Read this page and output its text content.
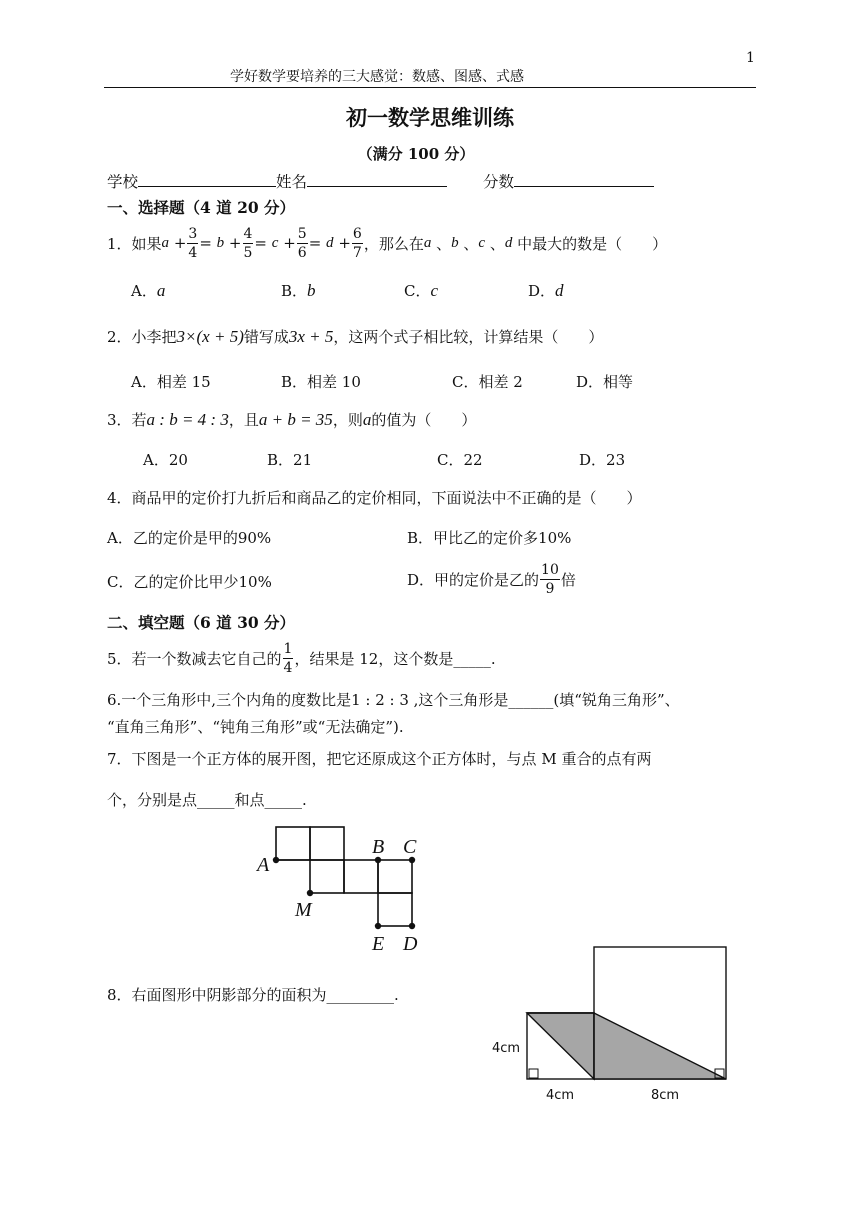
1
学好数学要培养的三大感觉：数感、图感、式感
初一数学思维训练
（满分 100 分）
学校	姓名	分数
一、选择题（4 道 20 分）
1．如果 $a + \frac{3}{4} = b + \frac{4}{5} = c + \frac{5}{6} = d + \frac{6}{7}$ ，那么在 a 、 b 、 c 、 d
中最大的数是（　　）
A．a	B．b	C．c	D．d
2．小李把3×(x + 5)错写成3x + 5，这两个式子相比较，计算结果（　　）
A．相差 15	B．相差 10	C．相差 2	D．相等
3．若a : b = 4 : 3，且a + b = 35，则a的值为（　　）
A．20	B．21	C．22	D．23
4．商品甲的定价打九折后和商品乙的定价相同，下面说法中不正确的是（　　）
A．乙的定价是甲的90%	B．甲比乙的定价多10%
C．乙的定价比甲少10%	D．甲的定价是乙的 $\frac{10}{9}$ 倍
二、填空题（6 道 30 分）
5．若一个数减去它自己的 $\frac{1}{4}$ ，结果是 12，这个数是_____.
6.一个三角形中,三个内角的度数比是1 : 2 : 3 ,这个三角形是______(填“锐角三角形”、
“直角三角形”、“钝角三角形”或“无法确定”).
7．下图是一个正方体的展开图，把它还原成这个正方体时，与点 M 重合的点有两
个，分别是点_____和点_____.
A
M
B C
E D
8．右面图形中阴影部分的面积为_________.
4cm
4cm	8cm
